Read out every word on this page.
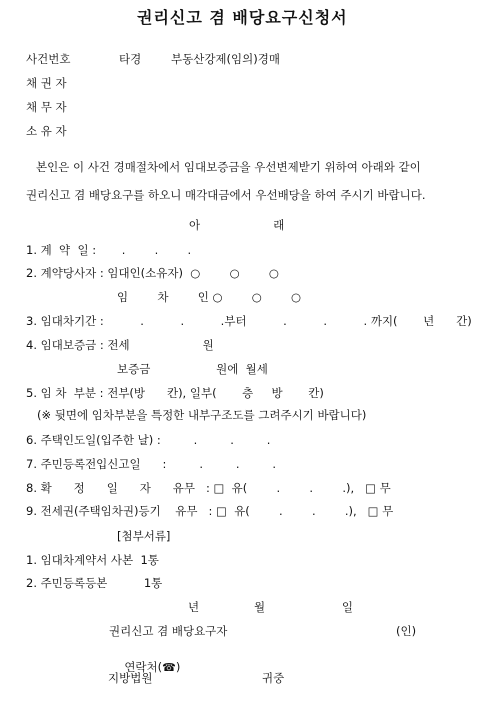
권리신고 겸 배당요구신청서
사건번호	타경	부동산강제(임의)경매
채 권 자
채 무 자
소 유 자
본인은 이 사건 경매절차에서 임대보증금을 우선변제받기 위하여 아래와 같이
권리신고 겸 배당요구를 하오니 매각대금에서 우선배당을 하여 주시기 바랍니다.
아                    래
1. 계  약  일 :       .        .        .
2. 계약당사자 : 임대인(소유자)  ○        ○        ○
임        차        인 ○        ○        ○
3. 임대차기간 :          .          .          .부터          .          .          . 까지(       년      간)
4. 임대보증금 : 전세                    원
보증금                  원에  월세
5. 임 차  부분 : 전부(방      칸), 일부(       층     방       칸)
(※ 뒷면에 임차부분을 특정한 내부구조도를 그려주시기 바랍니다)
6. 주택인도일(입주한 날) :         .         .         .
7. 주민등록전입신고일      :         .         .         .
8. 확      정      일      자      유무   : □  유(        .        .        .),   □ 무
9. 전세권(주택임차권)등기    유무   : □  유(        .        .        .),   □ 무
[첨부서류]
1. 임대차계약서 사본  1통
2. 주민등록등본          1통
년               월                     일
권리신고 겸 배당요구자	(인)

연락처(☎)

지방법원	귀중
